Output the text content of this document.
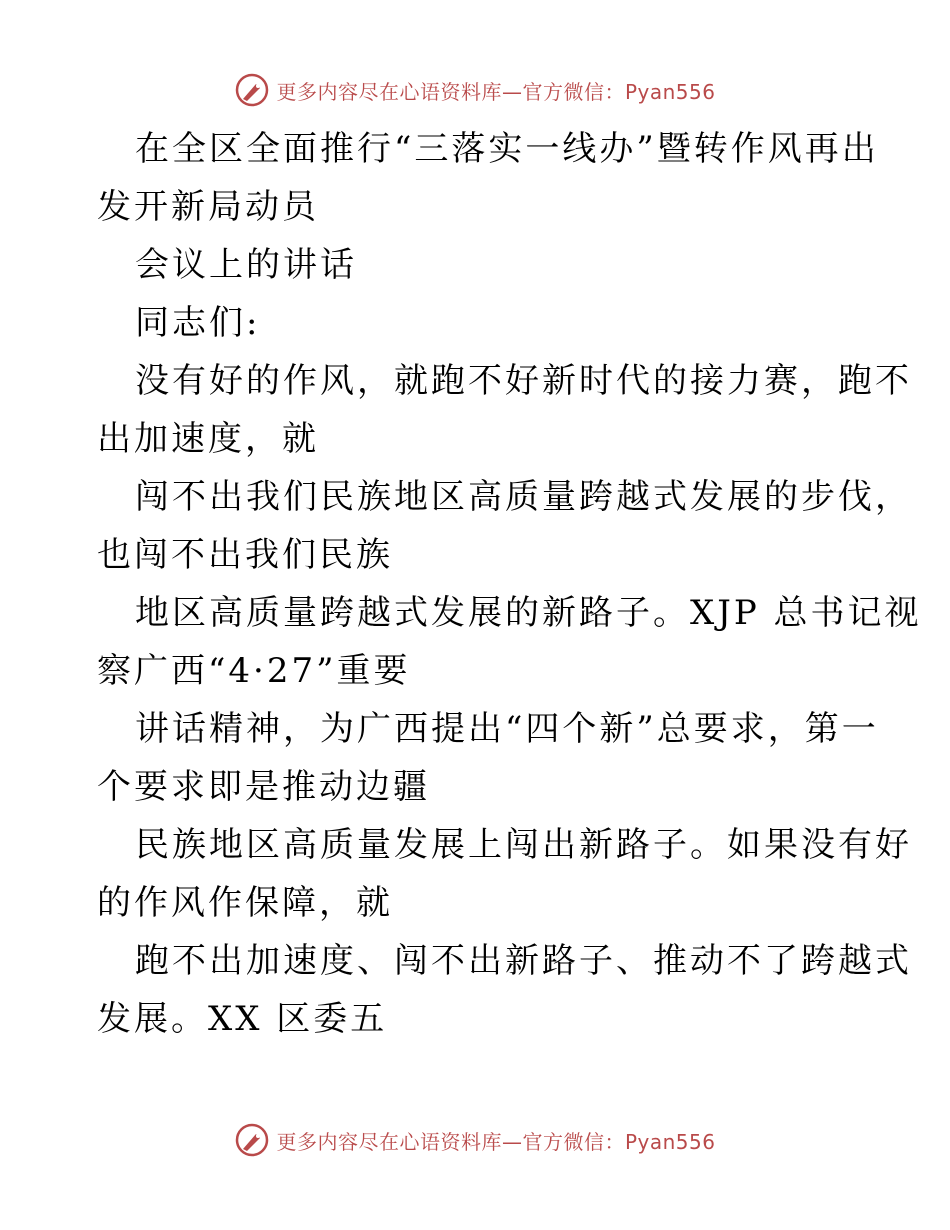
更多内容尽在心语资料库—官方微信：Pyan556
在全区全面推行“三落实一线办”暨转作风再出
发开新局动员
会议上的讲话
同志们:
没有好的作风，就跑不好新时代的接力赛，跑不
出加速度，就
闯不出我们民族地区高质量跨越式发展的步伐，
也闯不出我们民族
地区高质量跨越式发展的新路子。XJP 总书记视
察广西“4·27”重要
讲话精神，为广西提出“四个新”总要求，第一
个要求即是推动边疆
民族地区高质量发展上闯出新路子。如果没有好
的作风作保障，就
跑不出加速度、闯不出新路子、推动不了跨越式
发展。XX 区委五
更多内容尽在心语资料库—官方微信：Pyan556
